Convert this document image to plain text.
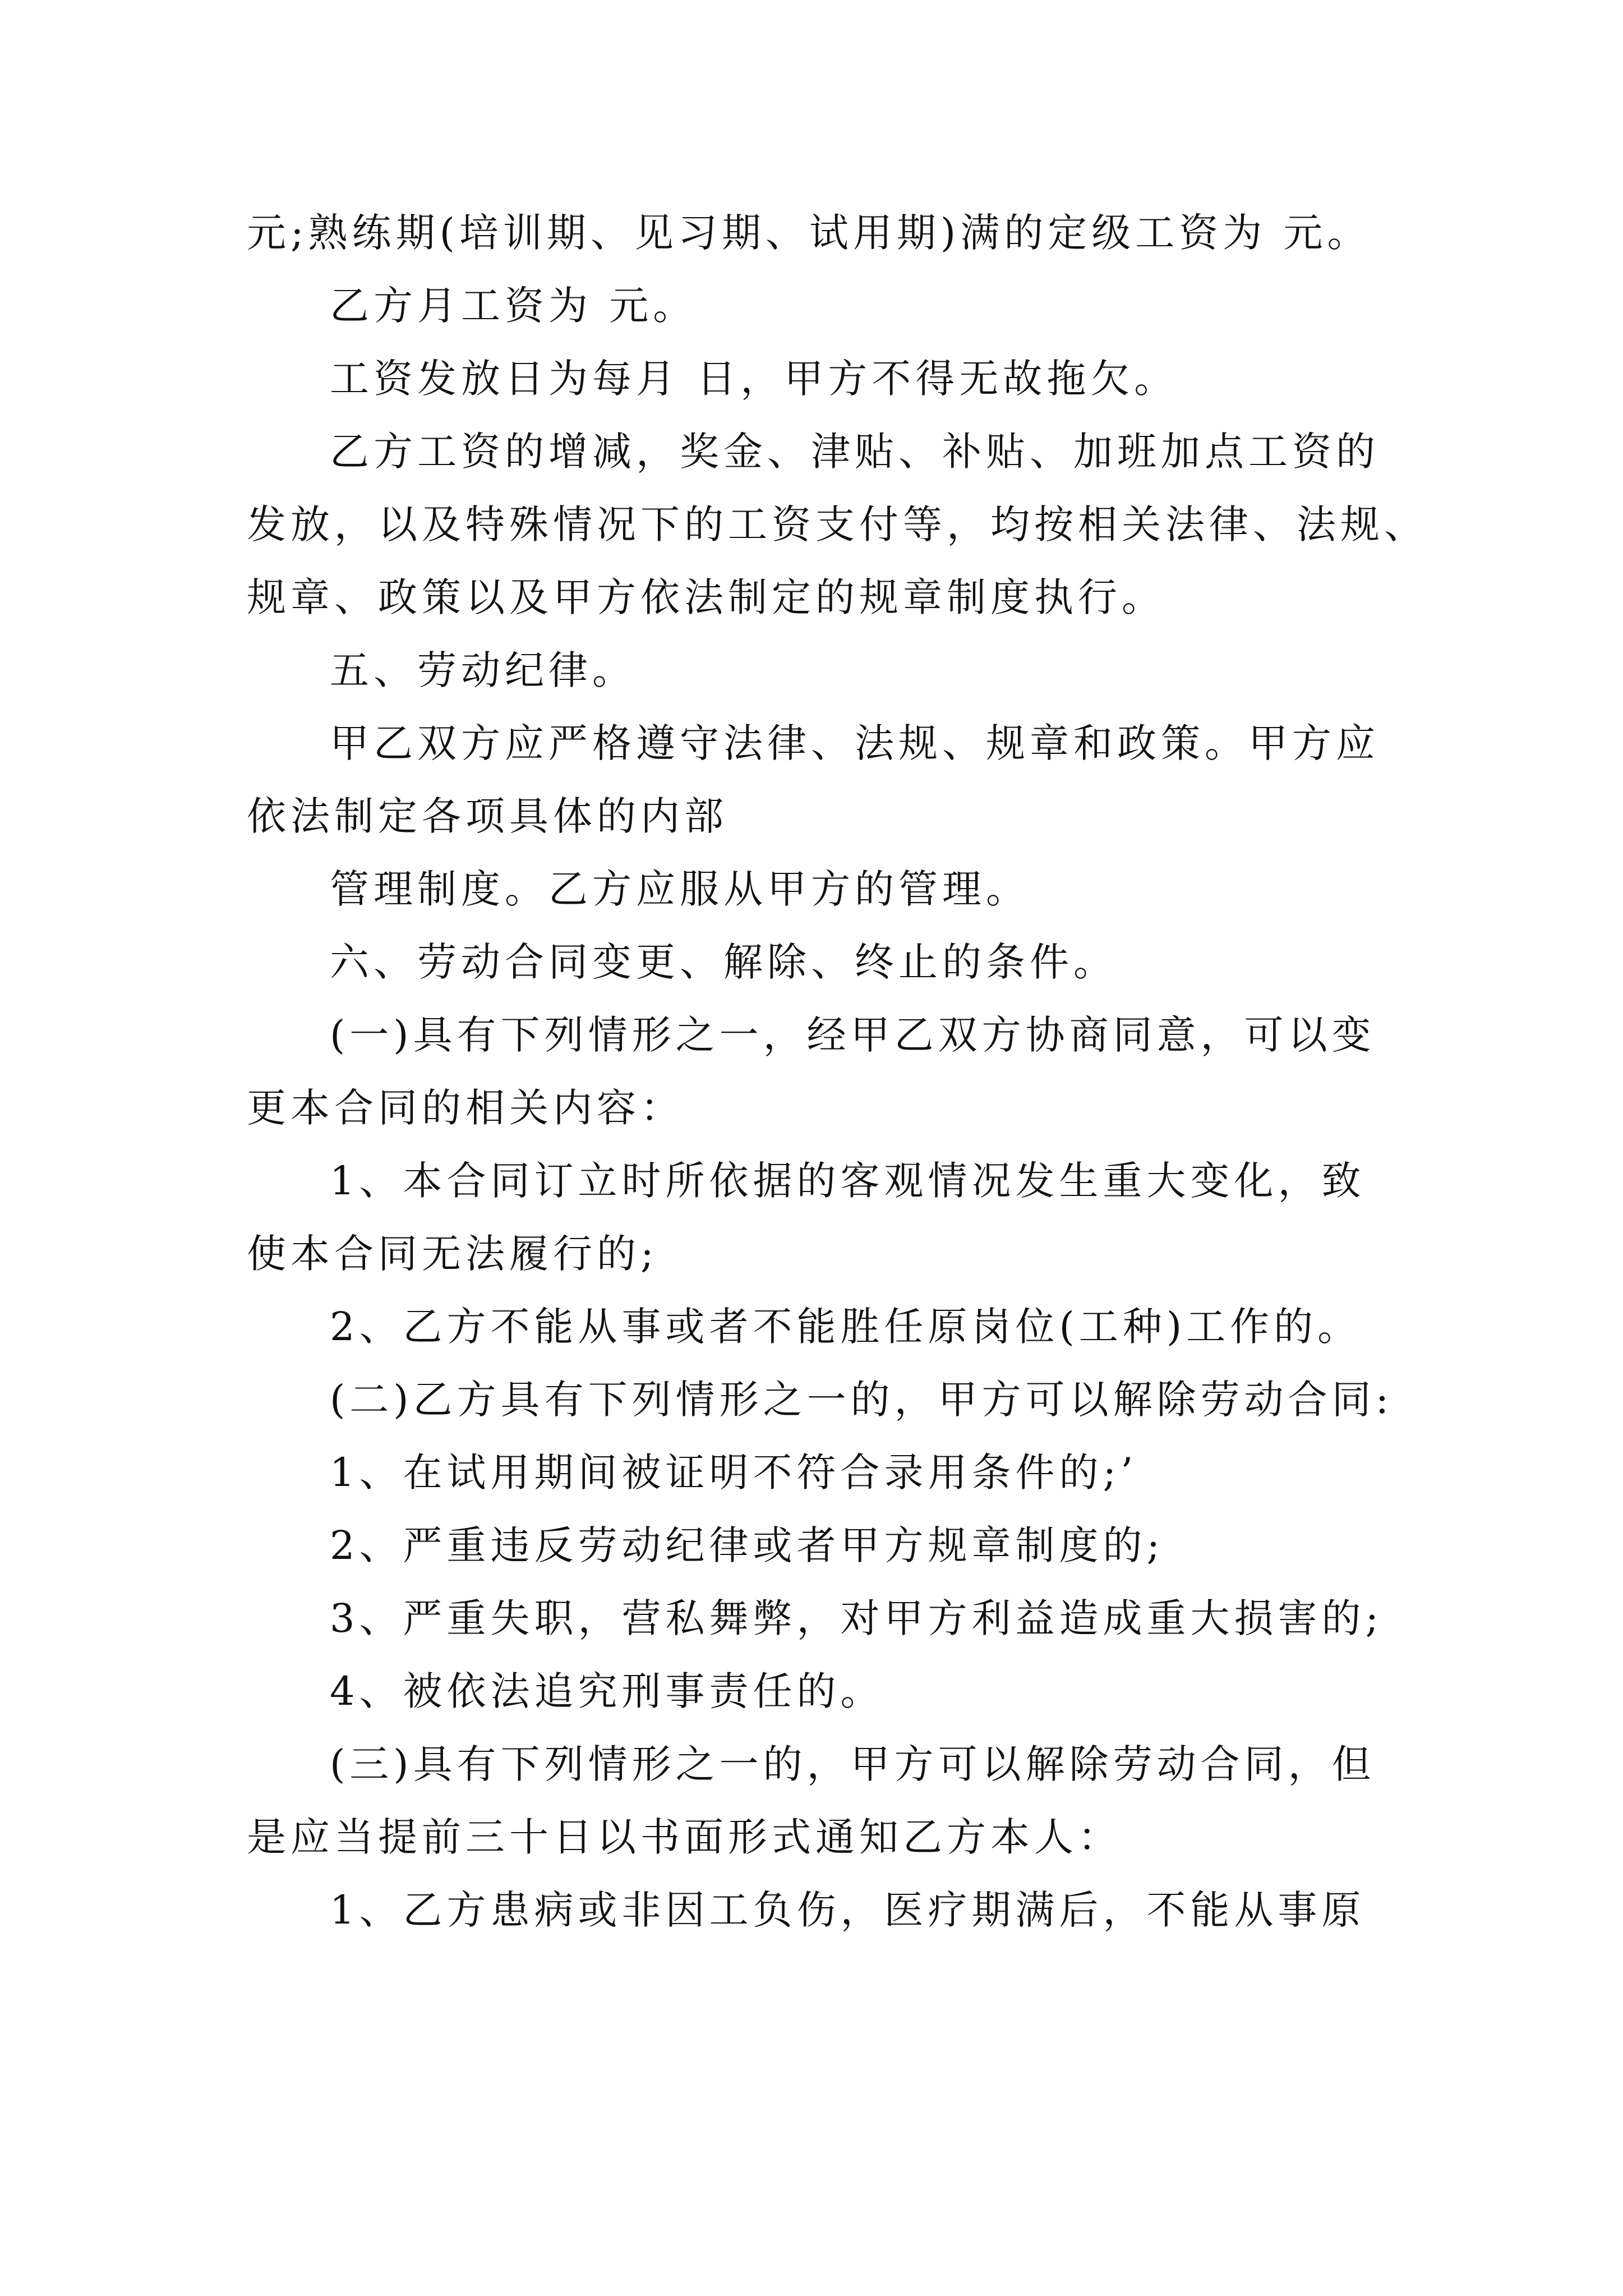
元;熟练期(培训期、见习期、试用期)满的定级工资为 元。
乙方月工资为 元。
工资发放日为每月 日，甲方不得无故拖欠。
乙方工资的增减，奖金、津贴、补贴、加班加点工资的
发放，以及特殊情况下的工资支付等，均按相关法律、法规、
规章、政策以及甲方依法制定的规章制度执行。
五、劳动纪律。
甲乙双方应严格遵守法律、法规、规章和政策。甲方应
依法制定各项具体的内部
管理制度。乙方应服从甲方的管理。
六、劳动合同变更、解除、终止的条件。
(一)具有下列情形之一，经甲乙双方协商同意，可以变
更本合同的相关内容：
1、本合同订立时所依据的客观情况发生重大变化，致
使本合同无法履行的;
2、乙方不能从事或者不能胜任原岗位(工种)工作的。
(二)乙方具有下列情形之一的，甲方可以解除劳动合同:
1、在试用期间被证明不符合录用条件的;’
2、严重违反劳动纪律或者甲方规章制度的;
3、严重失职，营私舞弊，对甲方利益造成重大损害的;
4、被依法追究刑事责任的。
(三)具有下列情形之一的，甲方可以解除劳动合同，但
是应当提前三十日以书面形式通知乙方本人：
1、乙方患病或非因工负伤，医疗期满后，不能从事原
